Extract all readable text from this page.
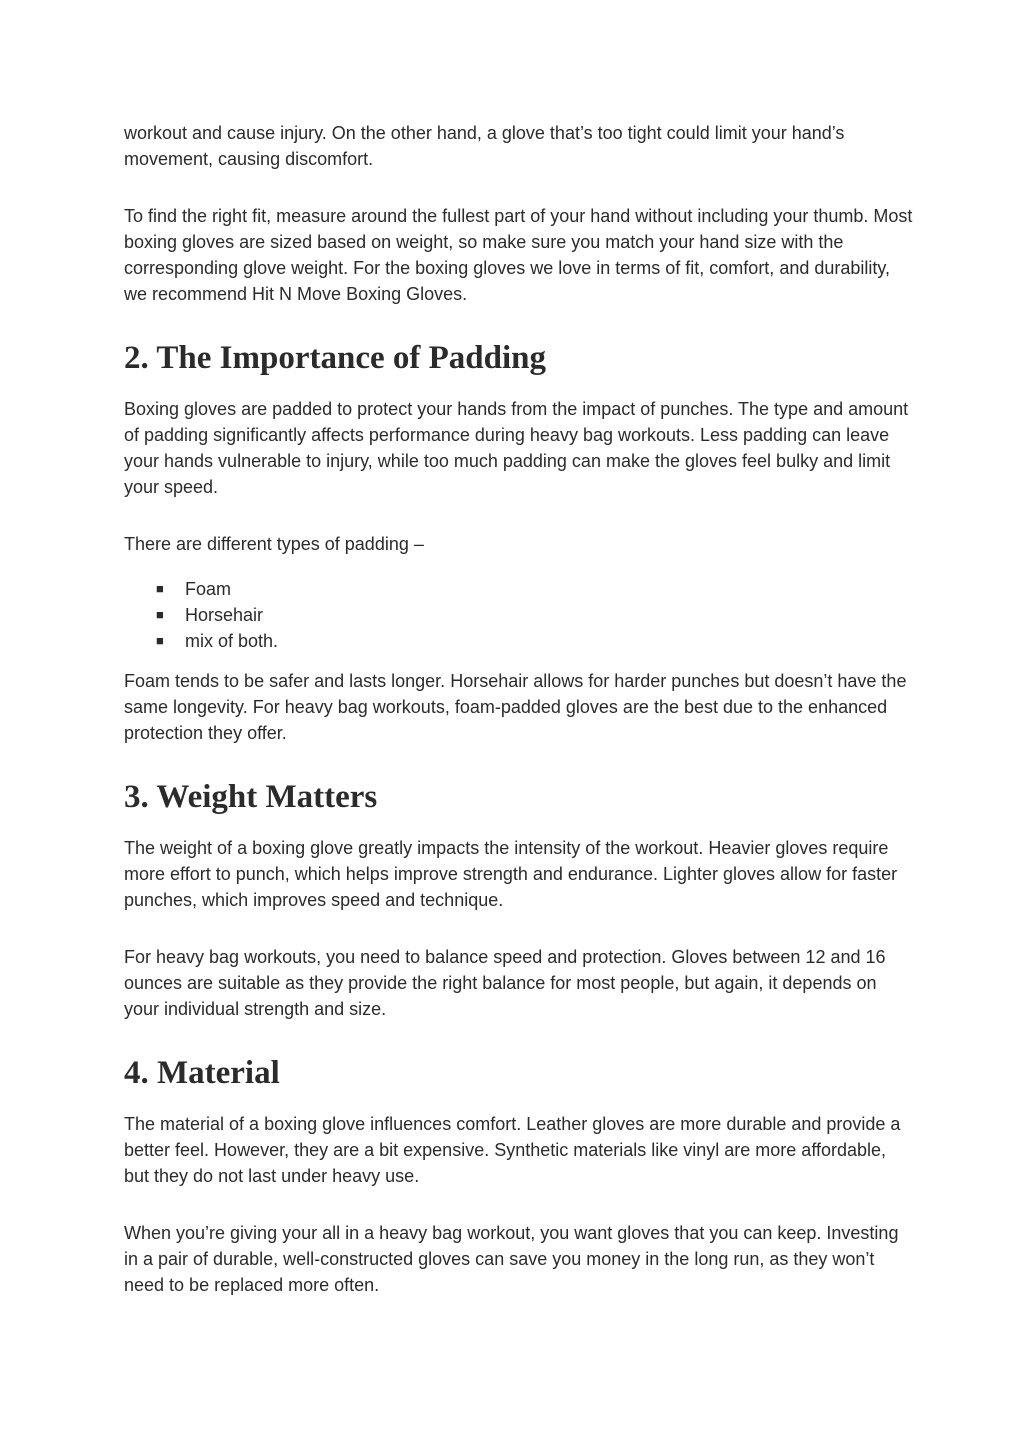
workout and cause injury. On the other hand, a glove that’s too tight could limit your hand’s movement, causing discomfort.

To find the right fit, measure around the fullest part of your hand without including your thumb. Most boxing gloves are sized based on weight, so make sure you match your hand size with the corresponding glove weight. For the boxing gloves we love in terms of fit, comfort, and durability, we recommend Hit N Move Boxing Gloves.

2. The Importance of Padding

Boxing gloves are padded to protect your hands from the impact of punches. The type and amount of padding significantly affects performance during heavy bag workouts. Less padding can leave your hands vulnerable to injury, while too much padding can make the gloves feel bulky and limit your speed.

There are different types of padding –

■ Foam
■ Horsehair
■ mix of both.

Foam tends to be safer and lasts longer. Horsehair allows for harder punches but doesn’t have the same longevity. For heavy bag workouts, foam-padded gloves are the best due to the enhanced protection they offer.

3. Weight Matters

The weight of a boxing glove greatly impacts the intensity of the workout. Heavier gloves require more effort to punch, which helps improve strength and endurance. Lighter gloves allow for faster punches, which improves speed and technique.

For heavy bag workouts, you need to balance speed and protection. Gloves between 12 and 16 ounces are suitable as they provide the right balance for most people, but again, it depends on your individual strength and size.

4. Material

The material of a boxing glove influences comfort. Leather gloves are more durable and provide a better feel. However, they are a bit expensive. Synthetic materials like vinyl are more affordable, but they do not last under heavy use.

When you’re giving your all in a heavy bag workout, you want gloves that you can keep. Investing in a pair of durable, well-constructed gloves can save you money in the long run, as they won’t need to be replaced more often.
